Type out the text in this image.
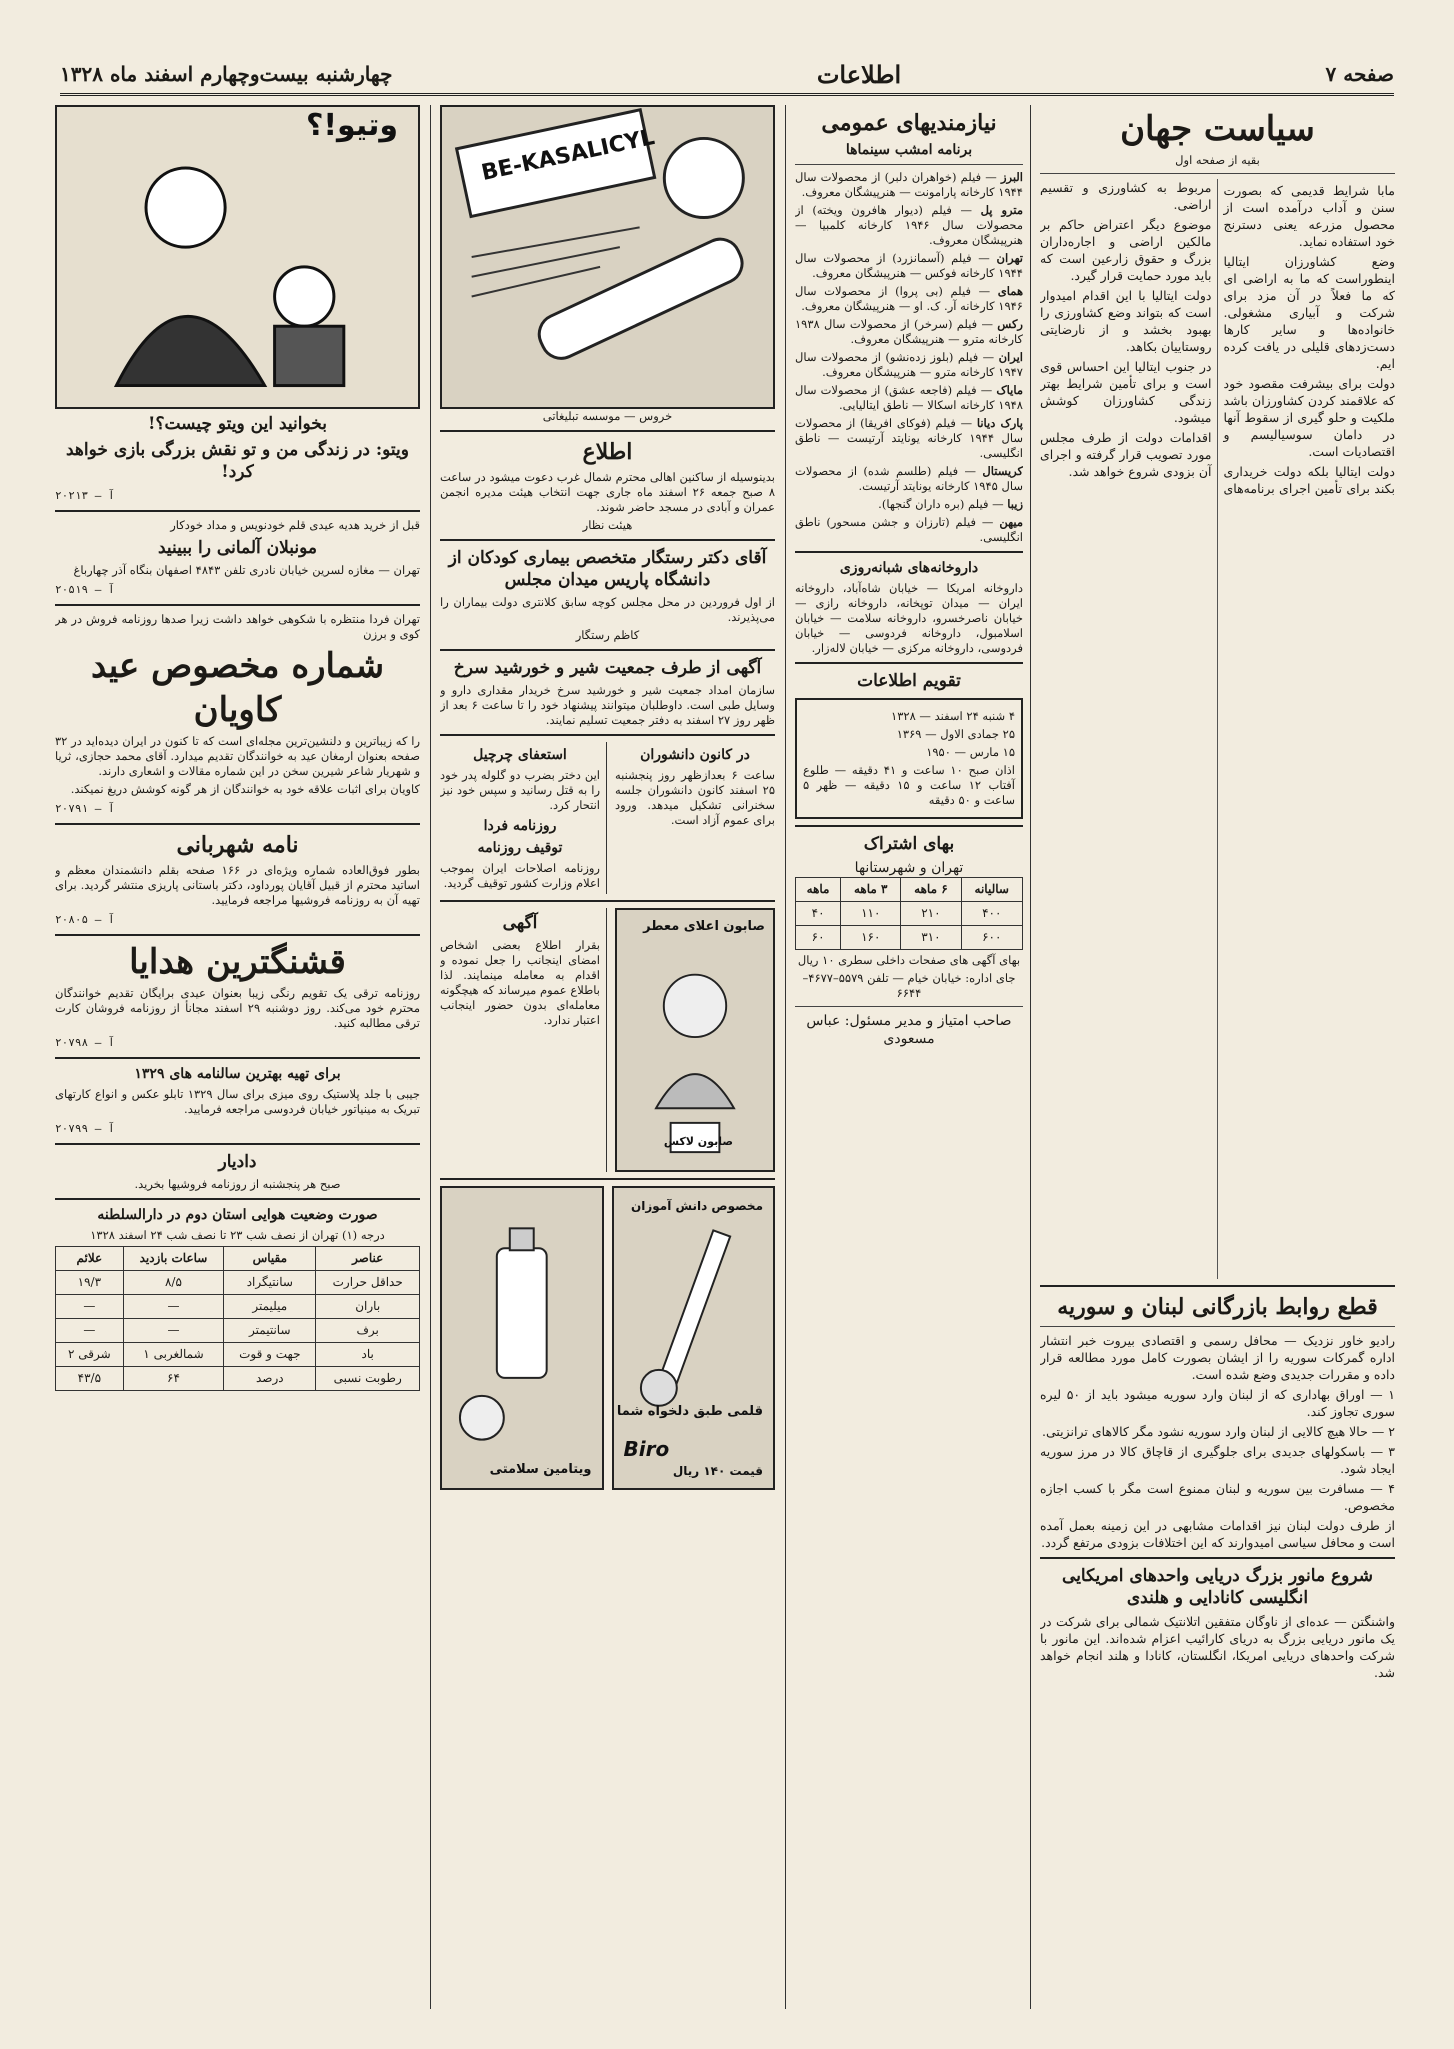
صفحه ۷
اطلاعات
چهارشنبه بیست‌وچهارم اسفند ماه ۱۳۲۸
سیاست جهان
بقیه از صفحه اول

مابا شرایط قدیمی که بصورت سنن و آداب درآمده است از محصول مزرعه یعنی دسترنج خود استفاده نماید.

وضع کشاورزان ایتالیا اینطوراست که ما به اراضی ای که ما فعلاً در آن مزد برای شرکت و آبیاری مشغولی. خانواده‌ها و سایر کارها دست‌زدهای قلیلی در یافت کرده ایم.

دولت برای بیشرفت مقصود خود که علاقمند کردن کشاورزان باشد ملکیت و حلو گیری از سقوط آنها در دامان سوسیالیسم و اقتصادیات است.

دولت ایتالیا بلکه دولت خریداری بکند برای تأمین اجرای برنامه‌های مربوط به کشاورزی و تقسیم اراضی.

موضوع دیگر اعتراض حاکم بر مالکین اراضی و اجاره‌داران بزرگ و حقوق زارعین است که باید مورد حمایت قرار گیرد.

دولت ایتالیا با این اقدام امیدوار است که بتواند وضع کشاورزی را بهبود بخشد و از نارضایتی روستاییان بکاهد.

در جنوب ایتالیا این احساس قوی است و برای تأمین شرایط بهتر زندگی کشاورزان کوشش میشود.

اقدامات دولت از طرف مجلس مورد تصویب قرار گرفته و اجرای آن بزودی شروع خواهد شد.

قطع روابط بازرگانی لبنان و سوریه

رادیو خاور نزدیک — محافل رسمی و اقتصادی بیروت خبر انتشار اداره گمرکات سوریه را از ایشان بصورت کامل مورد مطالعه قرار داده و مقررات جدیدی وضع شده است.

۱ — اوراق بهاداری که از لبنان وارد سوریه میشود باید از ۵۰ لیره سوری تجاوز کند.

۲ — حالا هیچ کالایی از لبنان وارد سوریه نشود مگر کالاهای ترانزیتی.

۳ — باسکولهای جدیدی برای جلوگیری از قاچاق کالا در مرز سوریه ایجاد شود.

۴ — مسافرت بین سوریه و لبنان ممنوع است مگر با کسب اجازه مخصوص.

از طرف دولت لبنان نیز اقدامات مشابهی در این زمینه بعمل آمده است و محافل سیاسی امیدوارند که این اختلافات بزودی مرتفع گردد.

شروع مانور بزرگ دریایی واحدهای امریکایی انگلیسی کانادایی و هلندی

واشنگتن — عده‌ای از ناوگان متفقین اتلانتیک شمالی برای شرکت در یک مانور دریایی بزرگ به دریای کارائیب اعزام شده‌اند. این مانور با شرکت واحدهای دریایی امریکا، انگلستان، کانادا و هلند انجام خواهد شد.

نیازمندیهای عمومی
برنامه امشب سینماها

البرز — فیلم (خواهران دلبر) از محصولات سال ۱۹۴۴ کارخانه پارامونت — هنرپیشگان معروف.

مترو پل — فیلم (دیوار هافرون ویخته) از محصولات سال ۱۹۴۶ کارخانه کلمبیا — هنرپیشگان معروف.

تهران — فیلم (آسمانزرد) از محصولات سال ۱۹۴۴ کارخانه فوکس — هنرپیشگان معروف.

همای — فیلم (بی پروا) از محصولات سال ۱۹۴۶ کارخانه آر. ک. او — هنرپیشگان معروف.

رکس — فیلم (سرخر) از محصولات سال ۱۹۳۸ کارخانه مترو — هنرپیشگان معروف.

ایران — فیلم (بلوز زده‌نشو) از محصولات سال ۱۹۴۷ کارخانه مترو — هنرپیشگان معروف.

مایاک — فیلم (فاجعه عشق) از محصولات سال ۱۹۴۸ کارخانه اسکالا — ناطق ایتالیایی.

پارک دیانا — فیلم (فوکای افریقا) از محصولات سال ۱۹۴۴ کارخانه یونایتد آرتیست — ناطق انگلیسی.

کریستال — فیلم (طلسم شده) از محصولات سال ۱۹۴۵ کارخانه یونایتد آرتیست.

زیبا — فیلم (بره داران گنجها).

میهن — فیلم (تارزان و جشن مسحور) ناطق انگلیسی.

داروخانه‌های شبانه‌روزی

داروخانه امریکا — خیابان شاه‌آباد، داروخانه ایران — میدان توپخانه، داروخانه رازی — خیابان ناصرخسرو، داروخانه سلامت — خیابان اسلامبول، داروخانه فردوسی — خیابان فردوسی، داروخانه مرکزی — خیابان لاله‌زار.

تقویم اطلاعات

۴ شنبه ۲۴ اسفند — ۱۳۲۸

۲۵ جمادی الاول — ۱۳۶۹

۱۵ مارس — ۱۹۵۰

اذان صبح ۱۰ ساعت و ۴۱ دقیقه — طلوع آفتاب ۱۲ ساعت و ۱۵ دقیقه — ظهر ۵ ساعت و ۵۰ دقیقه

بهای اشتراک
تهران و شهرستانها
سالیانه	۶ ماهه	۳ ماهه	ماهه
۴۰۰	۲۱۰	۱۱۰	۴۰
۶۰۰	۳۱۰	۱۶۰	۶۰

بهای آگهی های صفحات داخلی سطری ۱۰ ریال

جای اداره: خیابان خیام — تلفن ۵۵۷۹–۴۶۷۷–۶۶۴۴

صاحب امتیاز و مدیر مسئول: عباس مسعودی

BE-KASALICYL
خروس — موسسه تبلیغاتی
اطلاع

بدینوسیله از ساکنین اهالی محترم شمال غرب دعوت میشود در ساعت ۸ صبح جمعه ۲۶ اسفند ماه جاری جهت انتخاب هیئت مدیره انجمن عمران و آبادی در مسجد حاضر شوند.

هیئت نظار

آقای دکتر رستگار متخصص بیماری کودکان از دانشگاه پاریس میدان مجلس

از اول فروردین در محل مجلس کوچه سابق کلانتری دولت بیماران را می‌پذیرند.

کاظم رستگار

آگهی از طرف جمعیت شیر و خورشید سرخ

سازمان امداد جمعیت شیر و خورشید سرخ خریدار مقداری دارو و وسایل طبی است. داوطلبان میتوانند پیشنهاد خود را تا ساعت ۶ بعد از ظهر روز ۲۷ اسفند به دفتر جمعیت تسلیم نمایند.

در کانون دانشوران

ساعت ۶ بعدازظهر روز پنجشنبه ۲۵ اسفند کانون دانشوران جلسه سخنرانی تشکیل میدهد. ورود برای عموم آزاد است.

استعفای چرچیل

این دختر بضرب دو گلوله پدر خود را به قتل رسانید و سپس خود نیز انتحار کرد.

روزنامه فردا
توقیف روزنامه

روزنامه اصلاحات ایران بموجب اعلام وزارت کشور توقیف گردید.

صابون اعلای معطر
صابون لاکس
آگهی

بقرار اطلاع بعضی اشخاص امضای اینجانب را جعل نموده و اقدام به معامله مینمایند. لذا باطلاع عموم میرساند که هیچگونه معامله‌ای بدون حضور اینجانب اعتبار ندارد.

مخصوص دانش آموزان
قلمی طبق دلخواه شما
Biro
قیمت ۱۴۰ ریال
ویتامین سلامتی
وتیو!؟
بخوانید این ویتو چیست؟!
ویتو: در زندگی من و تو نقش بزرگی بازی خواهد کرد!
آ — ۲۰۲۱۳

قبل از خرید هدیه عیدی قلم خودنویس و مداد خودکار

مونبلان آلمانی را ببینید

تهران — مغازه لسرین خیابان نادری تلفن ۴۸۴۳ اصفهان بنگاه آذر چهارباغ

آ — ۲۰۵۱۹

تهران فردا منتظره با شکوهی خواهد داشت زیرا صدها روزنامه فروش در هر کوی و برزن

شماره مخصوص عید
کاویان

را که زیباترین و دلنشین‌ترین مجله‌ای است که تا کنون در ایران دیده‌اید در ۳۲ صفحه بعنوان ارمغان عید به خوانندگان تقدیم میدارد. آقای محمد حجازی، ثریا و شهریار شاعر شیرین سخن در این شماره مقالات و اشعاری دارند.

کاویان برای اثبات علاقه خود به خوانندگان از هر گونه کوشش دریغ نمیکند.

آ — ۲۰۷۹۱
نامه شهربانی

بطور فوق‌العاده شماره ویژه‌ای در ۱۶۶ صفحه بقلم دانشمندان معظم و اساتید محترم از قبیل آقایان پورداود، دکتر باستانی پاریزی منتشر گردید. برای تهیه آن به روزنامه فروشیها مراجعه فرمایید.

آ — ۲۰۸۰۵
قشنگترین هدایا

روزنامه ترقی یک تقویم رنگی زیبا بعنوان عیدی برایگان تقدیم خوانندگان محترم خود می‌کند. روز دوشنبه ۲۹ اسفند مجانأ از روزنامه فروشان کارت ترقی مطالبه کنید.

آ — ۲۰۷۹۸
برای تهیه بهترین سالنامه های ۱۳۲۹

جیبی با جلد پلاستیک روی میزی برای سال ۱۳۲۹ تابلو عکس و انواع کارتهای تبریک به مینیاتور خیابان فردوسی مراجعه فرمایید.

آ — ۲۰۷۹۹
دادیار

صبح هر پنجشنبه از روزنامه فروشیها بخرید.

صورت وضعیت هوایی استان دوم در دارالسلطنه

درجه (۱) تهران از نصف شب ۲۳ تا نصف شب ۲۴ اسفند ۱۳۲۸

عناصر	مقیاس	ساعات بازدید	علائم
حداقل حرارت	سانتیگراد	۸/۵	۱۹/۳
باران	میلیمتر	—	—
برف	سانتیمتر	—	—
باد	جهت و قوت	شمالغربی ۱	شرقی ۲
رطوبت نسبی	درصد	۶۴	۴۳/۵
